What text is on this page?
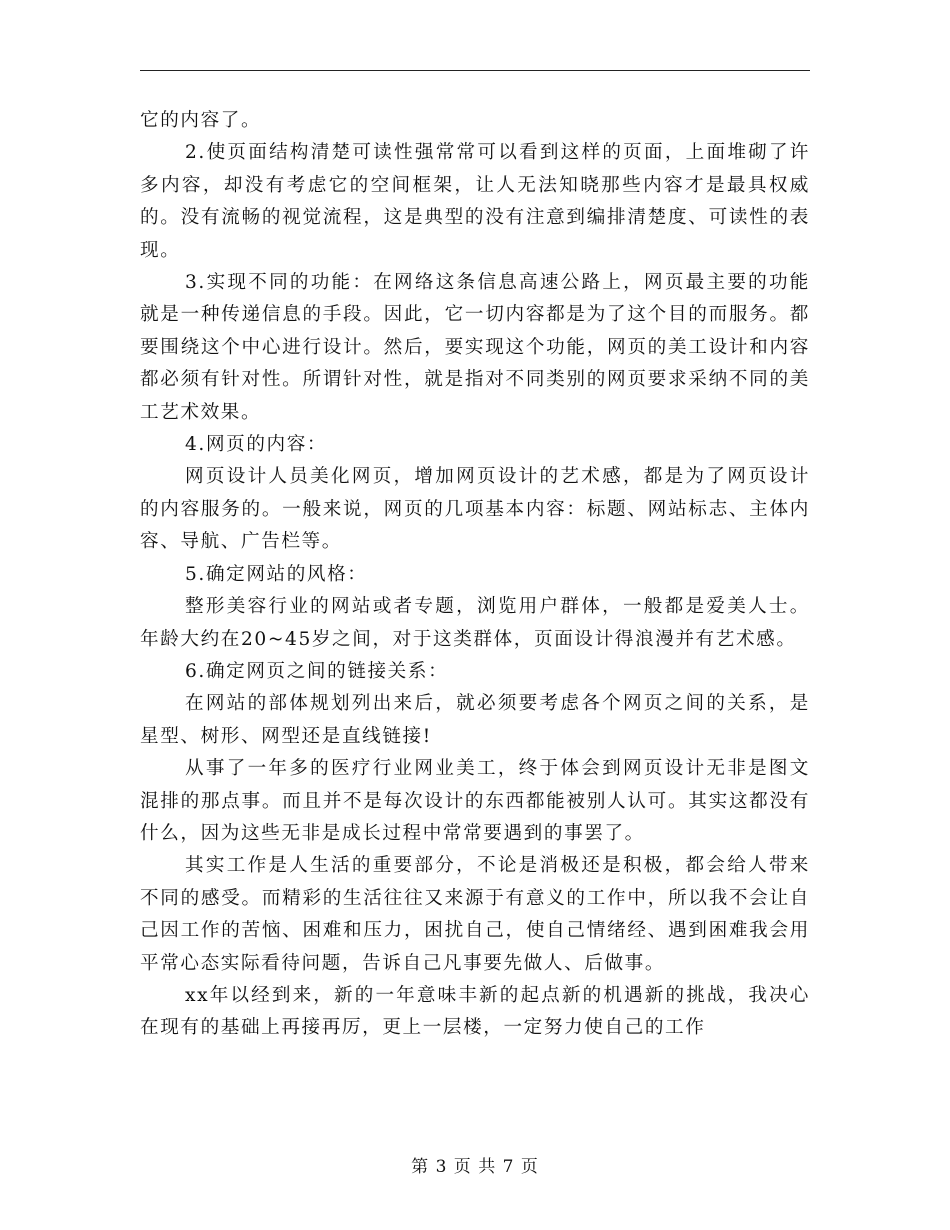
它的内容了。

2.使页面结构清楚可读性强常常可以看到这样的页面，上面堆砌了许多内容，却没有考虑它的空间框架，让人无法知晓那些内容才是最具权威的。没有流畅的视觉流程，这是典型的没有注意到编排清楚度、可读性的表现。

3.实现不同的功能：在网络这条信息高速公路上，网页最主要的功能就是一种传递信息的手段。因此，它一切内容都是为了这个目的而服务。都要围绕这个中心进行设计。然后，要实现这个功能，网页的美工设计和内容都必须有针对性。所谓针对性，就是指对不同类别的网页要求采纳不同的美工艺术效果。

4.网页的内容：

网页设计人员美化网页，增加网页设计的艺术感，都是为了网页设计的内容服务的。一般来说，网页的几项基本内容：标题、网站标志、主体内容、导航、广告栏等。

5.确定网站的风格：

整形美容行业的网站或者专题，浏览用户群体，一般都是爱美人士。年龄大约在20~45岁之间，对于这类群体，页面设计得浪漫并有艺术感。

6.确定网页之间的链接关系：

在网站的部体规划列出来后，就必须要考虑各个网页之间的关系，是星型、树形、网型还是直线链接!

从事了一年多的医疗行业网业美工，终于体会到网页设计无非是图文混排的那点事。而且并不是每次设计的东西都能被别人认可。其实这都没有什么，因为这些无非是成长过程中常常要遇到的事罢了。

其实工作是人生活的重要部分，不论是消极还是积极，都会给人带来不同的感受。而精彩的生活往往又来源于有意义的工作中，所以我不会让自己因工作的苦恼、困难和压力，困扰自己，使自己情绪经、遇到困难我会用平常心态实际看待问题，告诉自己凡事要先做人、后做事。

xx年以经到来，新的一年意味丰新的起点新的机遇新的挑战，我决心在现有的基础上再接再厉，更上一层楼，一定努力使自己的工作

第 3 页 共 7 页
